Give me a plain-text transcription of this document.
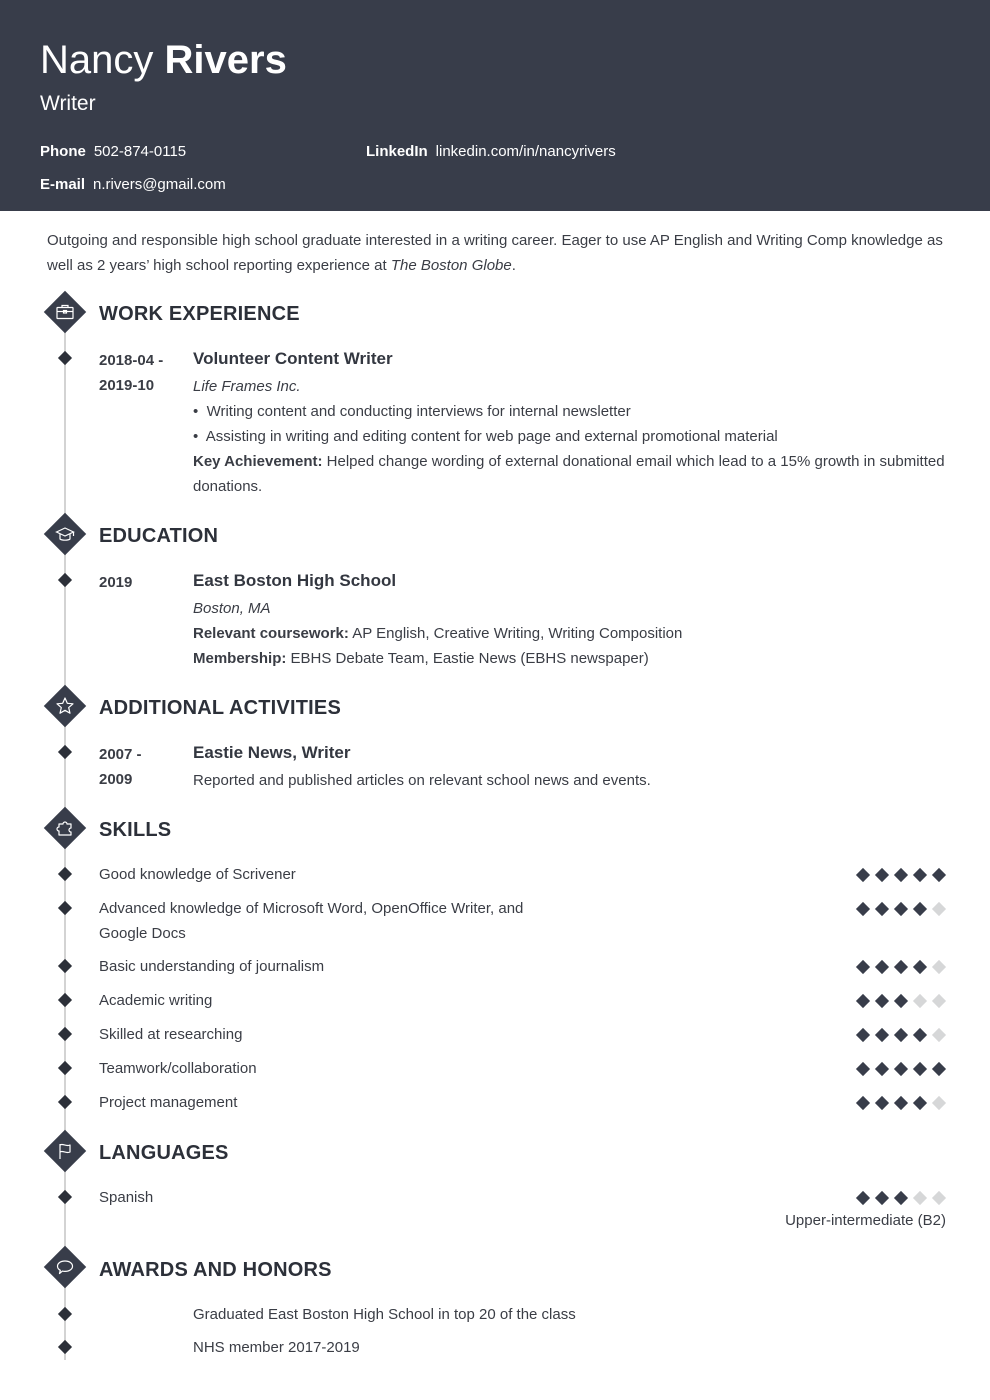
Nancy Rivers
Writer
Phone 502-874-0115	LinkedIn linkedin.com/in/nancyrivers
E-mail n.rivers@gmail.com
Outgoing and responsible high school graduate interested in a writing career. Eager to use AP English and Writing Comp knowledge as well as 2 years’ high school reporting experience at The Boston Globe.
WORK EXPERIENCE
2018-04 -
2019-10
Volunteer Content Writer
Life Frames Inc.
•  Writing content and conducting interviews for internal newsletter
•  Assisting in writing and editing content for web page and external promotional material
Key Achievement: Helped change wording of external donational email which lead to a 15% growth in submitted donations.
EDUCATION
2019	East Boston High School
Boston, MA
Relevant coursework: AP English, Creative Writing, Writing Composition
Membership: EBHS Debate Team, Eastie News (EBHS newspaper)
ADDITIONAL ACTIVITIES
2007 -
2009
Eastie News, Writer
Reported and published articles on relevant school news and events.
SKILLS
Good knowledge of Scrivener
Advanced knowledge of Microsoft Word, OpenOffice Writer, and Google Docs
Basic understanding of journalism
Academic writing
Skilled at researching
Teamwork/collaboration
Project management
LANGUAGES
Spanish
Upper-intermediate (B2)
AWARDS AND HONORS
Graduated East Boston High School in top 20 of the class
NHS member 2017-2019
